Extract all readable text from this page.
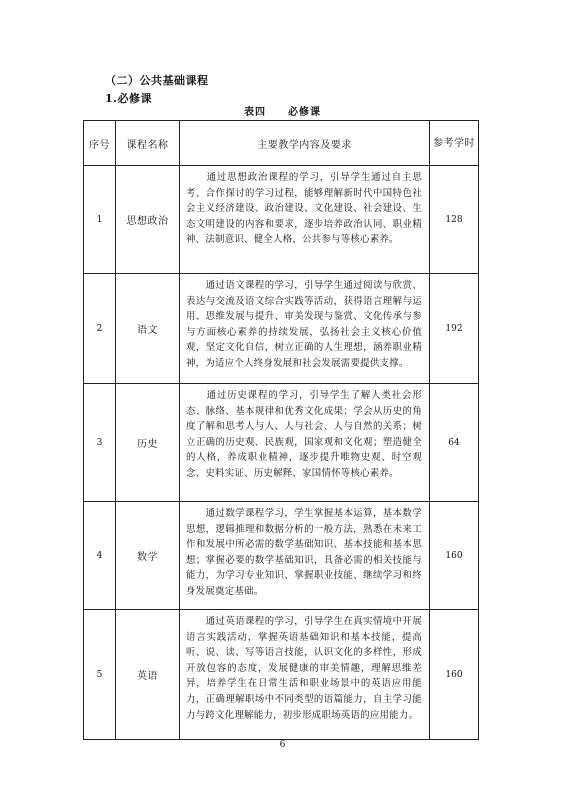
（二）公共基础课程
1.必修课
表四　　必修课
序号	课程名称	主要教学内容及要求	参考学时
1	思想政治	　　通过思想政治课程的学习，引导学生通过自主思考、合作探讨的学习过程，能够理解新时代中国特色社会主义经济建设、政治建设、文化建设、社会建设、生态文明建设的内容和要求，逐步培养政治认同、职业精神、法制意识、健全人格、公共参与等核心素养。	128
2	语文	　　通过语文课程的学习，引导学生通过阅读与欣赏、表达与交流及语文综合实践等活动，获得语言理解与运用、思维发展与提升、审美发现与鉴赏、文化传承与参与方面核心素养的持续发展，弘扬社会主义核心价值观，坚定文化自信，树立正确的人生理想，涵养职业精神，为适应个人终身发展和社会发展需要提供支撑。	192
3	历史	　　通过历史课程的学习，引导学生了解人类社会形态、脉络、基本规律和优秀文化成果；学会从历史的角度了解和思考人与人、人与社会、人与自然的关系；树立正确的历史观、民族观，国家观和文化观；塑造健全的人格，养成职业精神，逐步提升唯物史观、时空观念、史料实证、历史解释、家国情怀等核心素养。	64
4	数学	　　通过数学课程学习，学生掌握基本运算，基本数学思想，逻辑推理和数据分析的一般方法，熟悉在未来工作和发展中所必需的数学基础知识、基本技能和基本思想；掌握必要的数学基础知识，具备必需的相关技能与能力，为学习专业知识、掌握职业技能、继续学习和终身发展奠定基础。	160
5	英语	　　通过英语课程的学习，引导学生在真实情境中开展语言实践活动，掌握英语基础知识和基本技能，提高听、说、读、写等语言技能，认识文化的多样性，形成开放包容的态度，发展健康的审美情趣，理解思维差异，培养学生在日常生活和职业场景中的英语应用能力，正确理解职场中不同类型的语篇能力，自主学习能力与跨文化理解能力，初步形成职场英语的应用能力。	160
6
